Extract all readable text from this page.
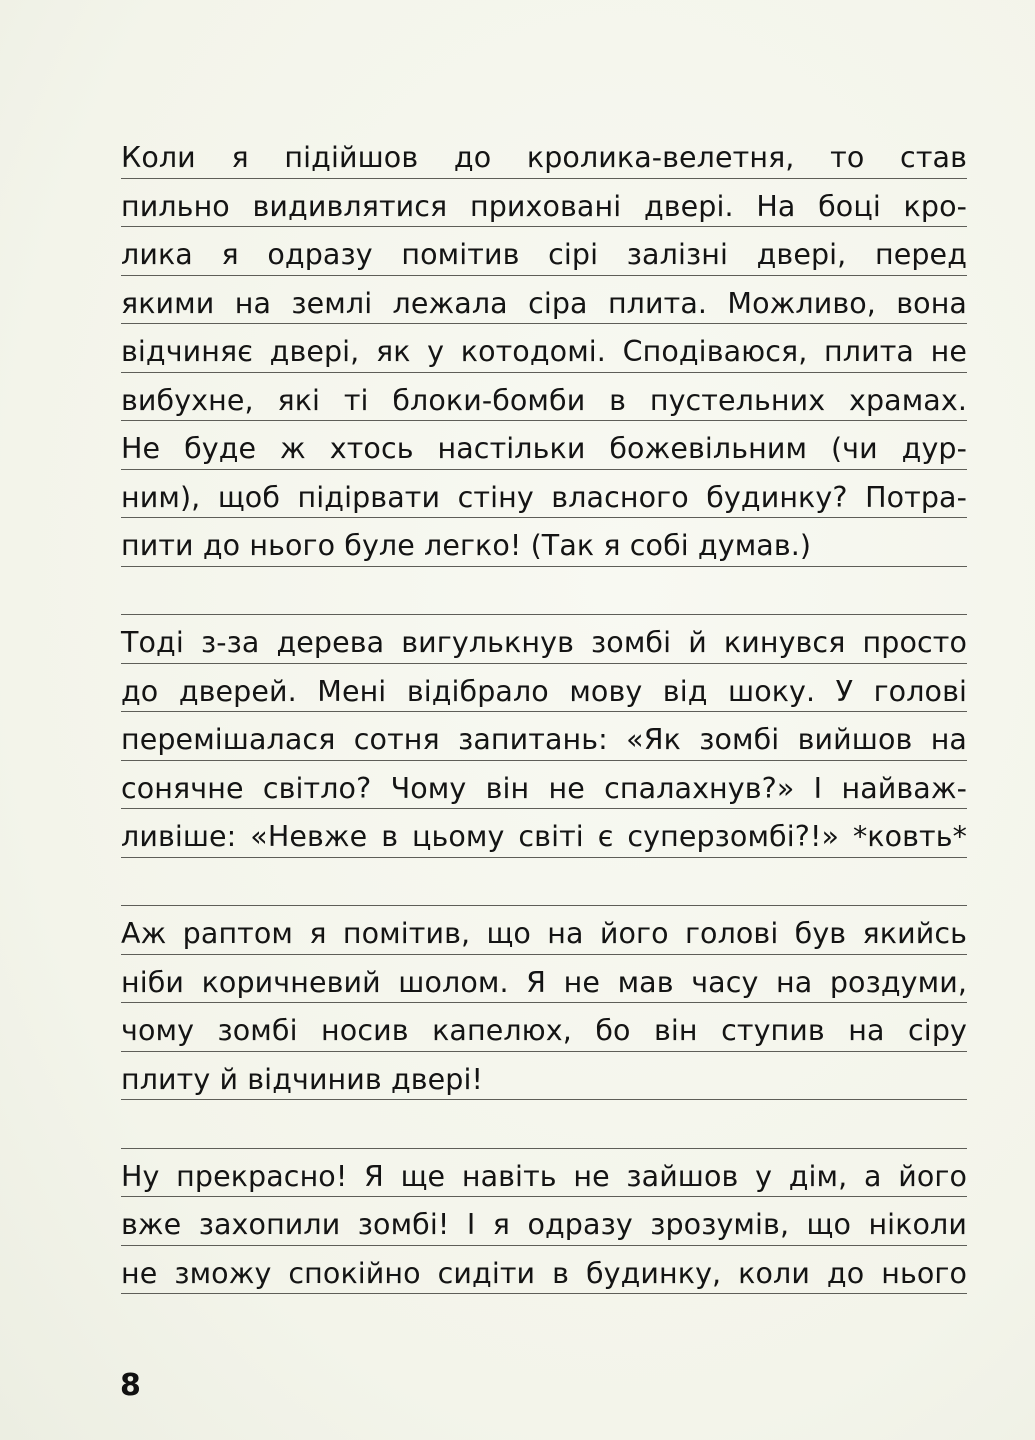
Коли я підійшов до кролика-велетня, то став
пильно видивлятися приховані двері. На боці кро-
лика я одразу помітив сірі залізні двері, перед
якими на землі лежала сіра плита. Можливо, вона
відчиняє двері, як у котодомі. Сподіваюся, плита не
вибухне, які ті блоки-бомби в пустельних храмах.
Не буде ж хтось настільки божевільним (чи дур-
ним), щоб підірвати стіну власного будинку? Потра-
пити до нього буле легко! (Так я собі думав.)
Тоді з-за дерева вигулькнув зомбі й кинувся просто
до дверей. Мені відібрало мову від шоку. У голові
перемішалася сотня запитань: «Як зомбі вийшов на
сонячне світло? Чому він не спалахнув?» І найваж-
ливіше: «Невже в цьому світі є суперзомбі?!» *ковть*
Аж раптом я помітив, що на його голові був якийсь
ніби коричневий шолом. Я не мав часу на роздуми,
чому зомбі носив капелюх, бо він ступив на сіру
плиту й відчинив двері!
Ну прекрасно! Я ще навіть не зайшов у дім, а його
вже захопили зомбі! І я одразу зрозумів, що ніколи
не зможу спокійно сидіти в будинку, коли до нього
8
